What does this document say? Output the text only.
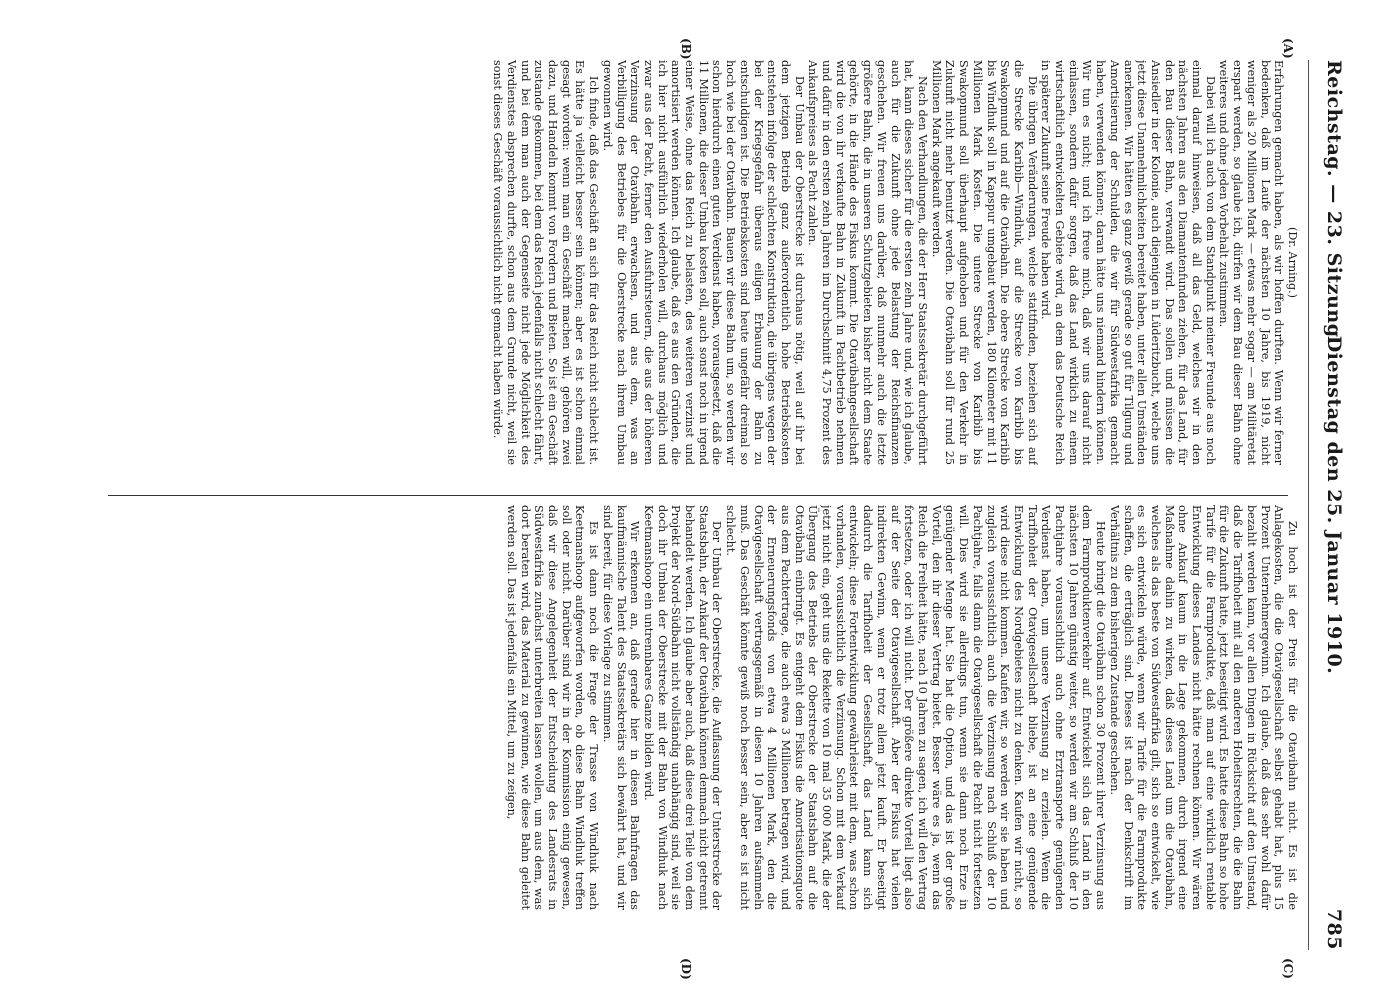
Reichstag. — 23. Sitzung.
Dienstag den 25. Januar 1910.
785
(A)
(B)
(C)
(D)

(Dr. Arning.)

Erfahrungen gemacht haben, als wir hoffen durften. Wenn wir ferner bedenken, daß im Laufe der nächsten 10 Jahre, bis 1919, nicht weniger als 20 Millionen Mark — etwas mehr sogar — am Militäretat erspart werden, so glaube ich, dürfen wir dem Bau dieser Bahn ohne weiteres und ohne jeden Vorbehalt zustimmen.

Dabei will ich auch von dem Standpunkt meiner Freunde aus noch einmal darauf hinweisen, daß all das Geld, welches wir in den nächsten Jahren aus den Diamantenfunden ziehen, für das Land, für den Bau dieser Bahn, verwandt wird. Das sollen und müssen die Ansiedler in der Kolonie, auch diejenigen in Lüderitzbucht, welche uns jetzt diese Unannehmlichkeiten bereitet haben, unter allen Umständen anerkennen. Wir hätten es ganz gewiß gerade so gut für Tilgung und Amortisierung der Schulden, die wir für Südwestafrika gemacht haben, verwenden können; daran hätte uns niemand hindern können. Wir tun es nicht; und ich freue mich, daß wir uns darauf nicht einlassen, sondern dafür sorgen, daß das Land wirklich zu einem wirtschaftlich entwickelten Gebiete wird, an dem das Deutsche Reich in späterer Zukunft seine Freude haben wird.

Die übrigen Veränderungen, welche stattfinden, beziehen sich auf die Strecke Karibib—Windhuk, auf die Strecke von Karibib bis Swakopmund und auf die Otavibahn. Die obere Strecke von Karibib bis Windhuk soll in Kapspur umgebaut werden, 180 Kilometer mit 11 Millionen Mark Kosten. Die untere Strecke von Karibib bis Swakopmund soll überhaupt aufgehoben und für den Verkehr in Zukunft nicht mehr benutzt werden. Die Otavibahn soll für rund 25 Millionen Mark angekauft werden.

Nach den Verhandlungen, die der Herr Staatssekretär durchgeführt hat, kann dieses sicher für die ersten zehn Jahre und, wie ich glaube, auch für die Zukunft ohne jede Belastung der Reichsfinanzen geschehen. Wir freuen uns darüber, daß nunmehr auch die letzte größere Bahn, die in unseren Schutzgebieten bisher nicht dem Staate gehörte, in die Hände des Fiskus kommt. Die Otavibahngesellschaft wird die von ihr verkaufte Bahn in Zukunft in Pachtbetrieb nehmen und dafür in den ersten zehn Jahren im Durchschnitt 4,75 Prozent des Ankaufspreises als Pacht zahlen.

Der Umbau der Oberstrecke ist durchaus nötig, weil auf ihr bei dem jetzigen Betrieb ganz außerordentlich hohe Betriebskosten entstehen infolge der schlechten Konstruktion, die übrigens wegen der bei der Kriegsgefahr überaus eiligen Erbauung der Bahn zu entschuldigen ist. Die Betriebskosten sind heute ungefähr dreimal so hoch wie bei der Otavibahn. Bauen wir diese Bahn um, so werden wir schon hierdurch einen guten Verdienst haben, vorausgesetzt, daß die 11 Millionen, die dieser Umbau kosten soll, auch sonst noch in irgend einer Weise, ohne das Reich zu belasten, des weiteren verzinst und amortisiert werden können. Ich glaube, daß es aus den Gründen, die ich hier nicht ausführlich wiederholen will, durchaus möglich und zwar aus der Pacht, ferner den Ausfuhrsteuern, die aus der höheren Verzinsung der Otavibahn erwachsen, und aus dem, was an Verbilligung des Betriebes für die Oberstrecke nach ihrem Umbau gewonnen wird.

Ich finde, daß das Geschäft an sich für das Reich nicht schlecht ist. Es hätte ja vielleicht besser sein können; aber es ist schon einmal gesagt worden: wenn man ein Geschäft machen will, gehören zwei dazu, und Handeln kommt von Fordern und Bieten. So ist ein Geschäft zustande gekommen, bei dem das Reich jedenfalls nicht schlecht fährt, und bei dem man auch der Gegenseite nicht jede Möglichkeit des Verdienstes absprechen durfte, schon aus dem Grunde nicht, weil sie sonst dieses Geschäft voraussichtlich nicht gemacht haben würde.

Zu hoch ist der Preis für die Otavibahn nicht. Es ist die Anlagekosten, die die Otavigesellschaft selbst gehabt hat, plus 15 Prozent Unternehmergewinn. Ich glaube, daß das sehr wohl dafür bezahlt werden kann, vor allen Dingen in Rücksicht auf den Umstand, daß die Tarifhoheit mit all den anderen Hoheitsrechten, die die Bahn für die Zukunft hatte, jetzt beseitigt wird. Es hatte diese Bahn so hohe Tarife für die Farmprodukte, daß man auf eine wirklich rentable Entwicklung dieses Landes nicht hätte rechnen können. Wir wären ohne Ankauf kaum in die Lage gekommen, durch irgend eine Maßnahme dahin zu wirken, daß dieses Land um die Otavibahn, welches als das beste von Südwestafrika gilt, sich so entwickelt, wie es sich entwickeln würde, wenn wir Tarife für die Farmprodukte schaffen, die erträglich sind. Dieses ist nach der Denkschrift im Verhältnis zu dem bisherigen Zustande geschehen.

Heute bringt die Otavibahn schon 30 Prozent ihrer Verzinsung aus dem Farmproduktenverkehr auf. Entwickelt sich das Land in den nächsten 10 Jahren günstig weiter, so werden wir am Schluß der 10 Pachtjahre voraussichtlich auch ohne Erztransporte genügenden Verdienst haben, um unsere Verzinsung zu erzielen. Wenn die Tarifhoheit der Otavigesellschaft bliebe, ist an eine genügende Entwicklung des Nordgebietes nicht zu denken. Kaufen wir nicht, so wird diese nicht kommen. Kaufen wir, so werden wir sie haben und zugleich voraussichtlich auch die Verzinsung nach Schluß der 10 Pachtjahre, falls dann die Otavigesellschaft die Pacht nicht fortsetzen will. Dies wird sie allerdings tun, wenn sie dann noch Erze in genügender Menge hat. Sie hat die Option, und das ist der große Vorteil, den ihr dieser Vertrag bietet. Besser wäre es ja, wenn das Reich die Freiheit hätte, nach 10 Jahren zu sagen, ich will den Vertrag fortsetzen, oder ich will nicht. Der größere direkte Vorteil liegt also auf der Seite der Otavigesellschaft. Aber der Fiskus hat vielen indirekten Gewinn, wenn er trotz allem jetzt kauft. Er beseitigt dadurch die Tarifhoheit der Gesellschaft, das Land kann sich entwickeln; diese Fortentwicklung gewährleistet mit dem, was schon vorhanden, voraussichtlich die Verzinsung. Schon mit dem Verkauf jetzt nicht ein, geht uns die Rekette von 10 mal 35 000 Mark, die der Übergang des Betriebs der Oberstrecke der Staatsbahn auf die Otavibahn einbringt. Es entgeht dem Fiskus die Amortisationsquote aus dem Pachtertrage, die auch etwa 3 Millionen betragen wird, und der Erneuerungsfonds von etwa 4 Millionen Mark, den die Otavigesellschaft vertragsgemäß in diesen 10 Jahren aufsammeln muß. Das Geschäft könnte gewiß noch besser sein, aber es ist nicht schlecht.

Der Umbau der Oberstrecke, die Auflassung der Unterstrecke der Staatsbahn, der Ankauf der Otavibahn können demnach nicht getrennt behandelt werden. Ich glaube aber auch, daß diese drei Teile von dem Projekt der Nord-Südbahn nicht vollständig unabhängig sind, weil sie doch ihr Umbau der Oberstrecke mit der Bahn von Windhuk nach Keetmanshoop ein untrennbares Ganze bilden wird.

Wir erkennen an, daß gerade hier in diesen Bahnfragen das kaufmännische Talent des Staatssekretärs sich bewährt hat, und wir sind bereit, für diese Vorlage zu stimmen.

Es ist dann noch die Frage der Trasse von Windhuk nach Keetmanshoop aufgeworfen worden, ob diese Bahn Windhuk treffen soll oder nicht. Darüber sind wir in der Kommission einig gewesen, daß wir diese Angelegenheit der Entscheidung des Landesrats in Südwestafrika zunächst unterbreiten lassen wollen, um aus dem, was dort beraten wird, das Material zu gewinnen, wie diese Bahn geleitet werden soll. Das ist jedenfalls ein Mittel, um zu zeigen,
